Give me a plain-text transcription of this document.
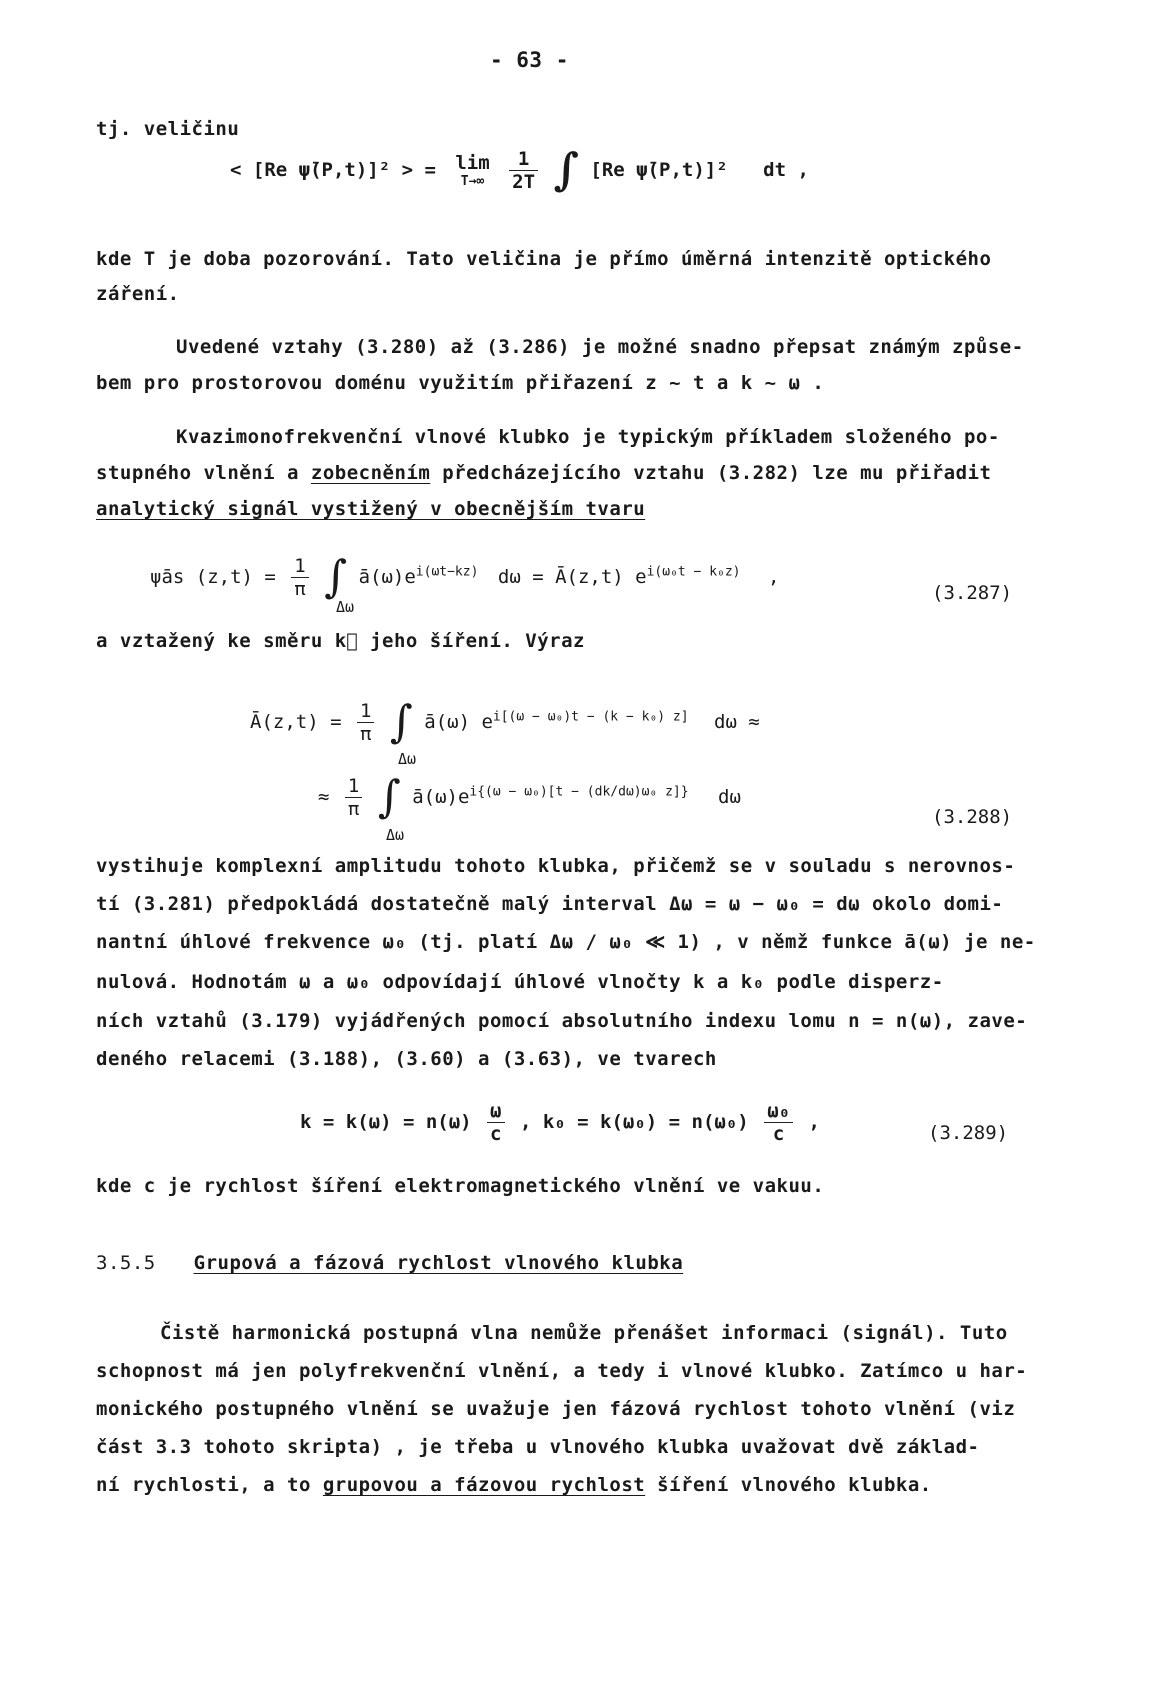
- 63 -
tj. veličinu
< [Re ψ̄(P,t)]² > = lim
T→∞
$\frac{1}{2T}$ ∫ [Re ψ̄(P,t)]² dt ,
kde T je doba pozorování. Tato veličina je přímo úměrná intenzitě optického
záření.
Uvedené vztahy (3.280) až (3.286) je možné snadno přepsat známým způse-
bem pro prostorovou doménu využitím přiřazení z ~ t a k ~ ω .
Kvazimonofrekvenční vlnové klubko je typickým příkladem složeného po-
stupného vlnění a zobecněním předcházejícího vztahu (3.282) lze mu přiřadit
analytický signál vystižený v obecnějším tvaru
ψ̄as $(z,t) = \frac{1}{\pi}$ ∫ $ā(\omega)e^{i(\omega t-kz)}$ dω = Ā(z,t) $e^{i(\omega_0t - k_0z)}$ ,
Δω
(3.287)
a vztažený ke směru k⃗ jeho šíření. Výraz
Ā(z,t) = $\frac{1}{\pi}$ ∫ ā(ω) $e^{i[(\omega - \omega_0)t - (k - k_0) z]}$ dω ≈
Δω
≈ $\frac{1}{\pi}$ ∫ $ā(\omega)e^{i\{(\omega - \omega_0)[t - (dk/d\omega)\omega_0 z]\}}$ dω
Δω
(3.288)
vystihuje komplexní amplitudu tohoto klubka, přičemž se v souladu s nerovnos-
tí (3.281) předpokládá dostatečně malý interval Δω = ω − ω₀ = dω okolo domi-
nantní úhlové frekvence ω₀ (tj. platí Δω / ω₀ ≪ 1) , v němž funkce ā(ω) je ne-
nulová. Hodnotám ω a ω₀ odpovídají úhlové vlnočty k a k₀ podle disperz-
ních vztahů (3.179) vyjádřených pomocí absolutního indexu lomu n = n(ω), zave-
deného relacemi (3.188), (3.60) a (3.63), ve tvarech
$k = k(\omega) = n(\omega) \frac{\omega}{c}$ , $k_0 = k(\omega_0) = n(\omega_0) \frac{\text{ω₀}}{c}$ ,	(3.289)
kde c je rychlost šíření elektromagnetického vlnění ve vakuu.
3.5.5 Grupová a fázová rychlost vlnového klubka
Čistě harmonická postupná vlna nemůže přenášet informaci (signál). Tuto
schopnost má jen polyfrekvenční vlnění, a tedy i vlnové klubko. Zatímco u har-
monického postupného vlnění se uvažuje jen fázová rychlost tohoto vlnění (viz
část 3.3 tohoto skripta) , je třeba u vlnového klubka uvažovat dvě základ-
ní rychlosti, a to grupovou a fázovou rychlost šíření vlnového klubka.
